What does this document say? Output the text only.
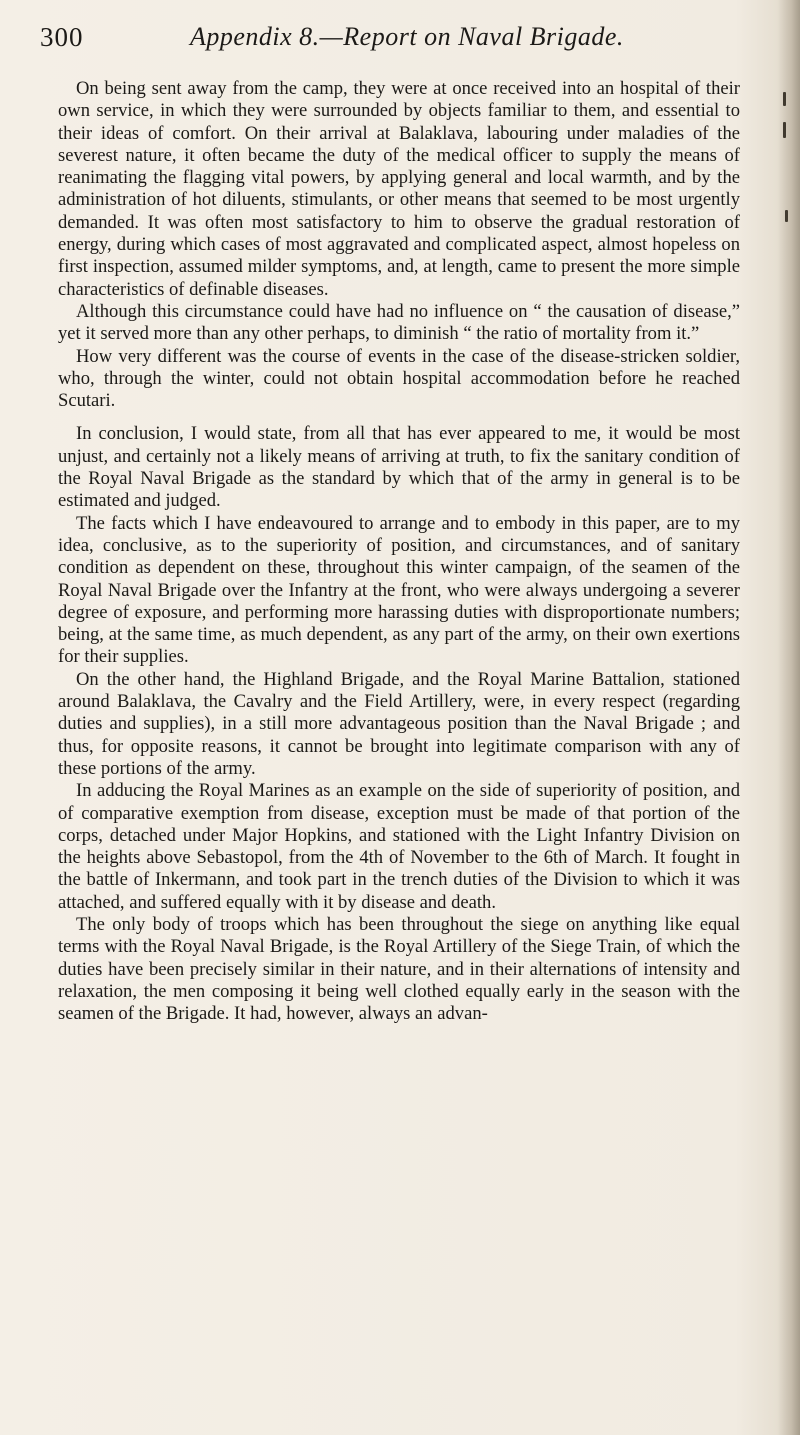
300	Appendix 8.—Report on Naval Brigade.

On being sent away from the camp, they were at once received into an hospital of their own service, in which they were surrounded by objects familiar to them, and essential to their ideas of comfort. On their arrival at Balaklava, labouring under maladies of the severest nature, it often became the duty of the medical officer to supply the means of reanimating the flagging vital powers, by applying general and local warmth, and by the administration of hot diluents, stimulants, or other means that seemed to be most urgently demanded. It was often most satisfactory to him to observe the gradual restoration of energy, during which cases of most aggravated and complicated aspect, almost hopeless on first inspection, assumed milder symptoms, and, at length, came to present the more simple characteristics of definable diseases.

Although this circumstance could have had no influence on “ the causation of disease,” yet it served more than any other perhaps, to diminish “ the ratio of mortality from it.”

How very different was the course of events in the case of the disease-stricken soldier, who, through the winter, could not obtain hospital accommodation before he reached Scutari.

In conclusion, I would state, from all that has ever appeared to me, it would be most unjust, and certainly not a likely means of arriving at truth, to fix the sanitary condition of the Royal Naval Brigade as the standard by which that of the army in general is to be estimated and judged.

The facts which I have endeavoured to arrange and to embody in this paper, are to my idea, conclusive, as to the superiority of position, and circumstances, and of sanitary condition as dependent on these, throughout this winter campaign, of the seamen of the Royal Naval Brigade over the Infantry at the front, who were always undergoing a severer degree of exposure, and performing more harassing duties with disproportionate numbers; being, at the same time, as much dependent, as any part of the army, on their own exertions for their supplies.

On the other hand, the Highland Brigade, and the Royal Marine Battalion, stationed around Balaklava, the Cavalry and the Field Artillery, were, in every respect (regarding duties and supplies), in a still more advantageous position than the Naval Brigade ; and thus, for opposite reasons, it cannot be brought into legitimate comparison with any of these portions of the army.

In adducing the Royal Marines as an example on the side of superiority of position, and of comparative exemption from disease, exception must be made of that portion of the corps, detached under Major Hopkins, and stationed with the Light Infantry Division on the heights above Sebastopol, from the 4th of November to the 6th of March. It fought in the battle of Inkermann, and took part in the trench duties of the Division to which it was attached, and suffered equally with it by disease and death.

The only body of troops which has been throughout the siege on anything like equal terms with the Royal Naval Brigade, is the Royal Artillery of the Siege Train, of which the duties have been precisely similar in their nature, and in their alternations of intensity and relaxation, the men composing it being well clothed equally early in the season with the seamen of the Brigade. It had, however, always an advan-
